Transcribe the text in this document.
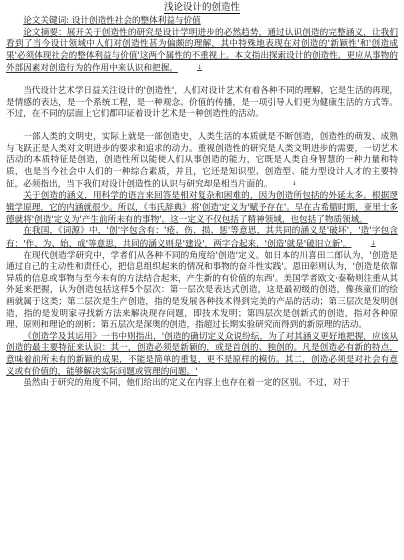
浅论设计的创造性

论文关键词: 设计创造性社会的整体利益与价值

论文摘要：展开关于创造性的研究是设计学明进步的必然趋势，通过认识创造的完整涵义，让我们看到了当今设计领域中人们对创造性甚为偏颇的理解，其中特殊地表现在对创造的'新颖性'和'创造成果'必须体现社会的整体利益与价值'这两个属性的不重视上。本文指出探索设计的创造性，更应从事物的外部因素对创造行为的作用中来认识和把握。	↓

当代设计艺术学日益关注设计的'创造性'，人们对设计艺术有着各种不同的理解，它是生活的再现，是情感的表达，是一个系统工程，是一种观念、价值的传播，是一项引导人们更为健康生活的方式等。不过，在不同的层面上它们都印证着设计艺术是一种创造性的活动。

一部人类的文明史，实际上就是一部创造史，人类生活的本质就是不断创造，创造性的萌发、成熟与飞跃正是人类对文明进步的要求和追求的动力。重视创造性的研究是人类文明进步的需要，一切艺术活动的本质特征是创造，创造性所以能使人们从事创造的能力，它既是人类自身智慧的一种力量和特质，也是当今社会中人们的一种综合素质，并且，它还是知识型、创造型、能力型设计人才的主要特征。必须指出，当下我们对设计创造性的认识与研究却是相当片面的。	↓

关于创造的涵义，用科学的语言来回答是相对复杂和困难的，因为创造所包括的外延太多。根据逻辑学原理，它的内涵就很少。所以，《韦氏辞典》将'创造'定义为'赋予存在'。早在古希腊时期，亚里士多德就将'创造'定义为'产生前所未有的事物'。这一定义不仅包括了精神领域，也包括了物质领域。

在我国，《词源》中，'创'字包含有：'疮、伤、损、惩'等意思，其共同的涵义是'破坏'，'造'字包含有：'作、为、始、成'等意思，共同的涵义则是'建设'，两字合起来，'创造'就是'破旧立新'。	↓

在现代创造学研究中，学者们从各种不同的角度给'创造'定义。如日本的川喜田二郎认为，'创造是通过自己的主动性和责任心，把信息组织起来的情况和事物的奋斗性实践'。恩田彰则认为，'创造是依靠异质的信息或事物与至今未有的方法结合起来，产生新的有价值的东西'。美国学者欧文·泰勒则注重从其外延来把握，认为创造包括这样5个层次：第一层次是表达式创造，这是最初级的创造，像孩童们的绘画就属于这类；第二层次是生产创造，指的是发展各种技术得到完美的产品的活动；第三层次是发明创造，指的是发明家寻找新方法来解决现存问题，即技术发明；第四层次是创新式的创造，指对各种原理、原则和理论的剖析；第五层次是深奥的创造，指超过长期实验研究而得到的新原理的活动。

《创造学及其运用》一书中则指出，'创造的确切定义众说纷纭，为了对其涵义更好地把握，应该从创造的最主要特征来认识：其一，创造必须是新颖的，或是首创的、独创的。凡是创造必有新的特点，意味着前所未有的新颖的成果，不能是简单的重复，更不是原样的模仿。其二，创造必须是对社会有意义或有价值的，能够解决实际问题或管理的问题。'

虽然由于研究的角度不同，他们给出的定义在内容上也存在着一定的区别。不过，对于
